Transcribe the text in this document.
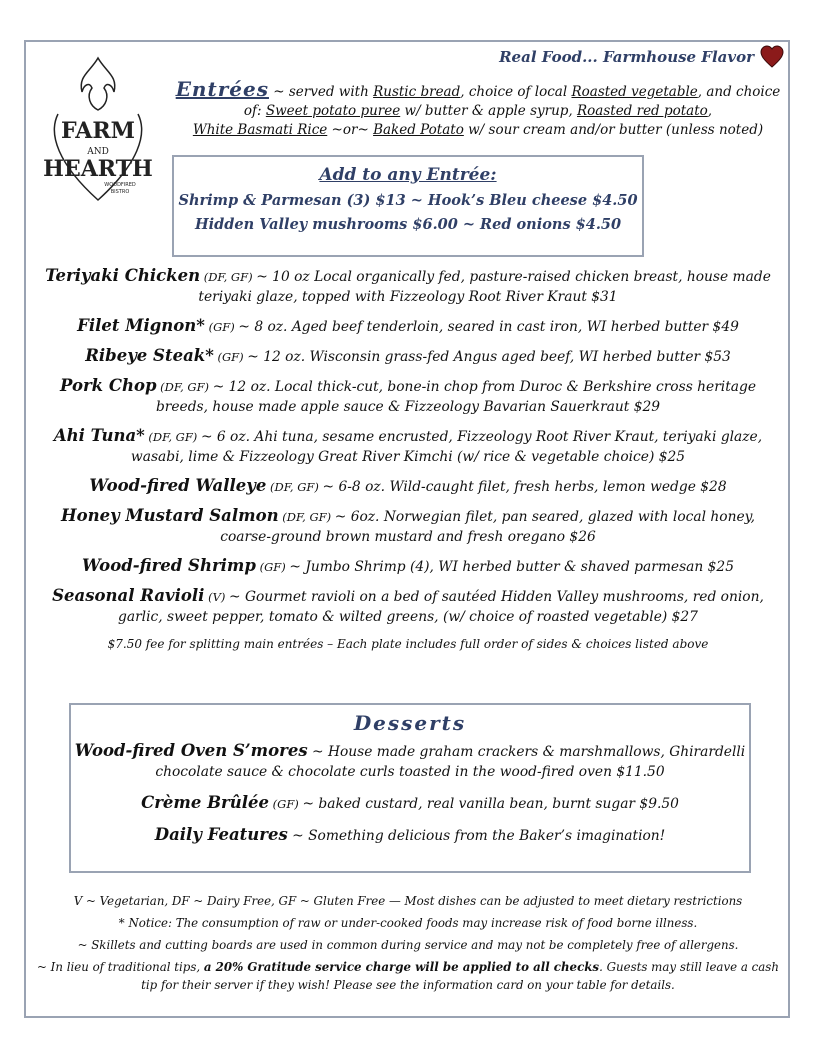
Real Food... Farmhouse Flavor
FARM
AND
HEARTH
WOODFIRED
BISTRO
Entrées ~ served with Rustic bread, choice of local Roasted vegetable, and choice of: Sweet potato puree w/ butter & apple syrup, Roasted red potato,
White Basmati Rice ~or~ Baked Potato w/ sour cream and/or butter (unless noted)
Add to any Entrée:
Shrimp & Parmesan (3) $13 ~ Hook’s Bleu cheese $4.50
Hidden Valley mushrooms $6.00 ~ Red onions $4.50
Teriyaki Chicken (DF, GF) ~ 10 oz Local organically fed, pasture-raised chicken breast, house made teriyaki glaze, topped with Fizzeology Root River Kraut $31
Filet Mignon* (GF) ~ 8 oz. Aged beef tenderloin, seared in cast iron, WI herbed butter $49
Ribeye Steak* (GF) ~ 12 oz. Wisconsin grass-fed Angus aged beef, WI herbed butter $53
Pork Chop (DF, GF) ~ 12 oz. Local thick-cut, bone-in chop from Duroc & Berkshire cross heritage breeds, house made apple sauce & Fizzeology Bavarian Sauerkraut $29
Ahi Tuna* (DF, GF) ~ 6 oz. Ahi tuna, sesame encrusted, Fizzeology Root River Kraut, teriyaki glaze, wasabi, lime & Fizzeology Great River Kimchi (w/ rice & vegetable choice) $25
Wood-fired Walleye (DF, GF) ~ 6-8 oz. Wild-caught filet, fresh herbs, lemon wedge $28
Honey Mustard Salmon (DF, GF) ~ 6oz. Norwegian filet, pan seared, glazed with local honey, coarse-ground brown mustard and fresh oregano $26
Wood-fired Shrimp (GF) ~ Jumbo Shrimp (4), WI herbed butter & shaved parmesan $25
Seasonal Ravioli (V) ~ Gourmet ravioli on a bed of sautéed Hidden Valley mushrooms, red onion, garlic, sweet pepper, tomato & wilted greens, (w/ choice of roasted vegetable) $27
$7.50 fee for splitting main entrées – Each plate includes full order of sides & choices listed above
Desserts
Wood-fired Oven S’mores ~ House made graham crackers & marshmallows, Ghirardelli chocolate sauce & chocolate curls toasted in the wood-fired oven $11.50
Crème Brûlée (GF) ~ baked custard, real vanilla bean, burnt sugar $9.50
Daily Features ~ Something delicious from the Baker’s imagination!

V ~ Vegetarian, DF ~ Dairy Free, GF ~ Gluten Free — Most dishes can be adjusted to meet dietary restrictions

* Notice: The consumption of raw or under-cooked foods may increase risk of food borne illness.

~ Skillets and cutting boards are used in common during service and may not be completely free of allergens.

~ In lieu of traditional tips, a 20% Gratitude service charge will be applied to all checks. Guests may still leave a cash tip for their server if they wish! Please see the information card on your table for details.
